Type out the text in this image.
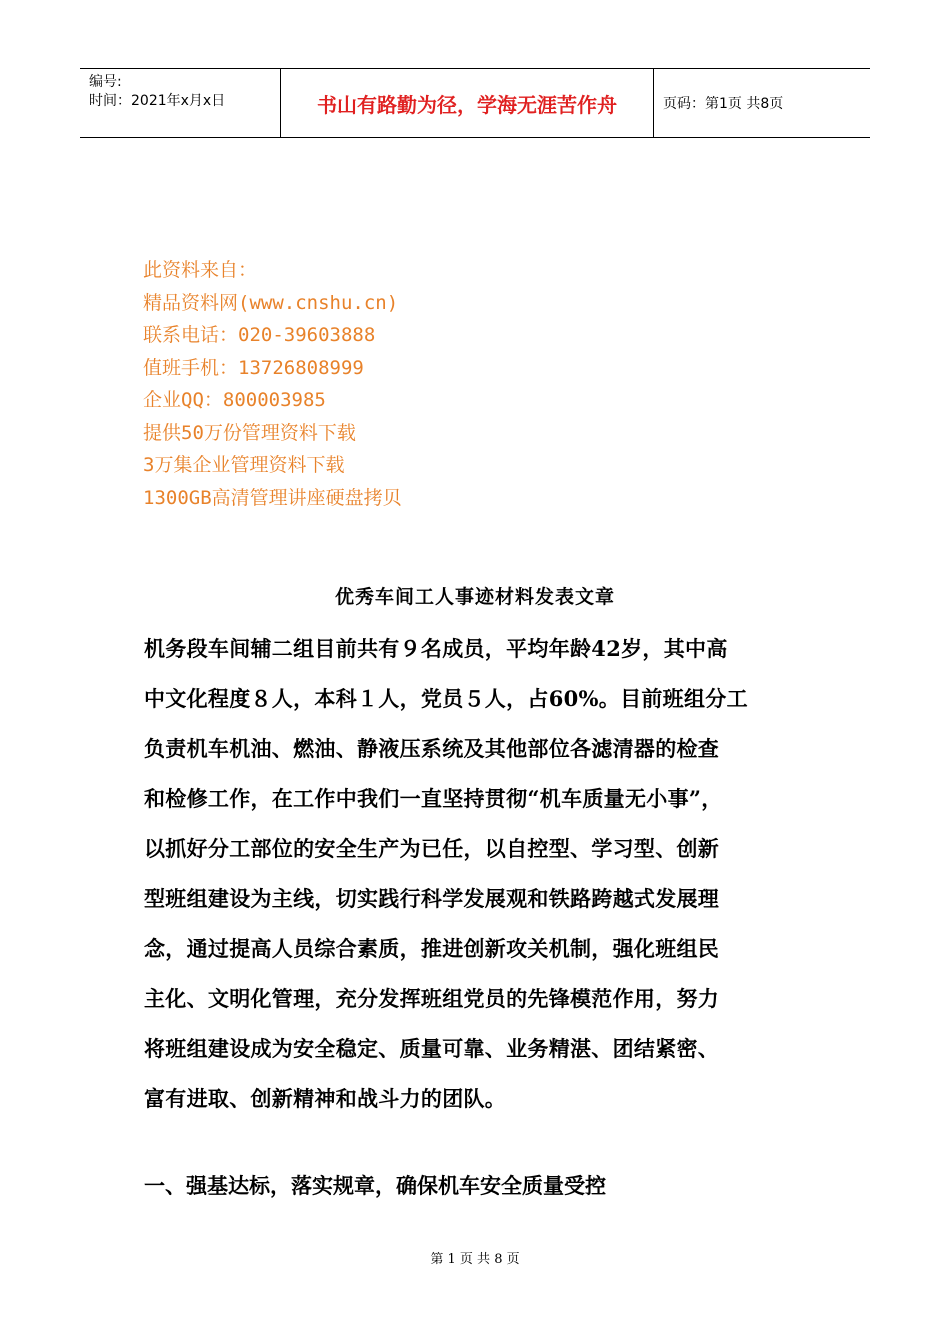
编号:
时间：2021年x月x日	书山有路勤为径，学海无涯苦作舟	页码：第1页 共8页
此资料来自：
精品资料网(www.cnshu.cn)
联系电话：020-39603888
值班手机：13726808999
企业QQ：800003985
提供50万份管理资料下载
3万集企业管理资料下载
1300GB高清管理讲座硬盘拷贝
优秀车间工人事迹材料发表文章
机务段车间辅二组目前共有９名成员，平均年龄42岁，其中高
中文化程度８人，本科１人，党员５人，占60%。目前班组分工
负责机车机油、燃油、静液压系统及其他部位各滤清器的检查
和检修工作，在工作中我们一直坚持贯彻“机车质量无小事”，
以抓好分工部位的安全生产为已任，以自控型、学习型、创新
型班组建设为主线，切实践行科学发展观和铁路跨越式发展理
念，通过提高人员综合素质，推进创新攻关机制，强化班组民
主化、文明化管理，充分发挥班组党员的先锋模范作用，努力
将班组建设成为安全稳定、质量可靠、业务精湛、团结紧密、
富有进取、创新精神和战斗力的团队。
一、强基达标，落实规章，确保机车安全质量受控
第 1 页 共 8 页
